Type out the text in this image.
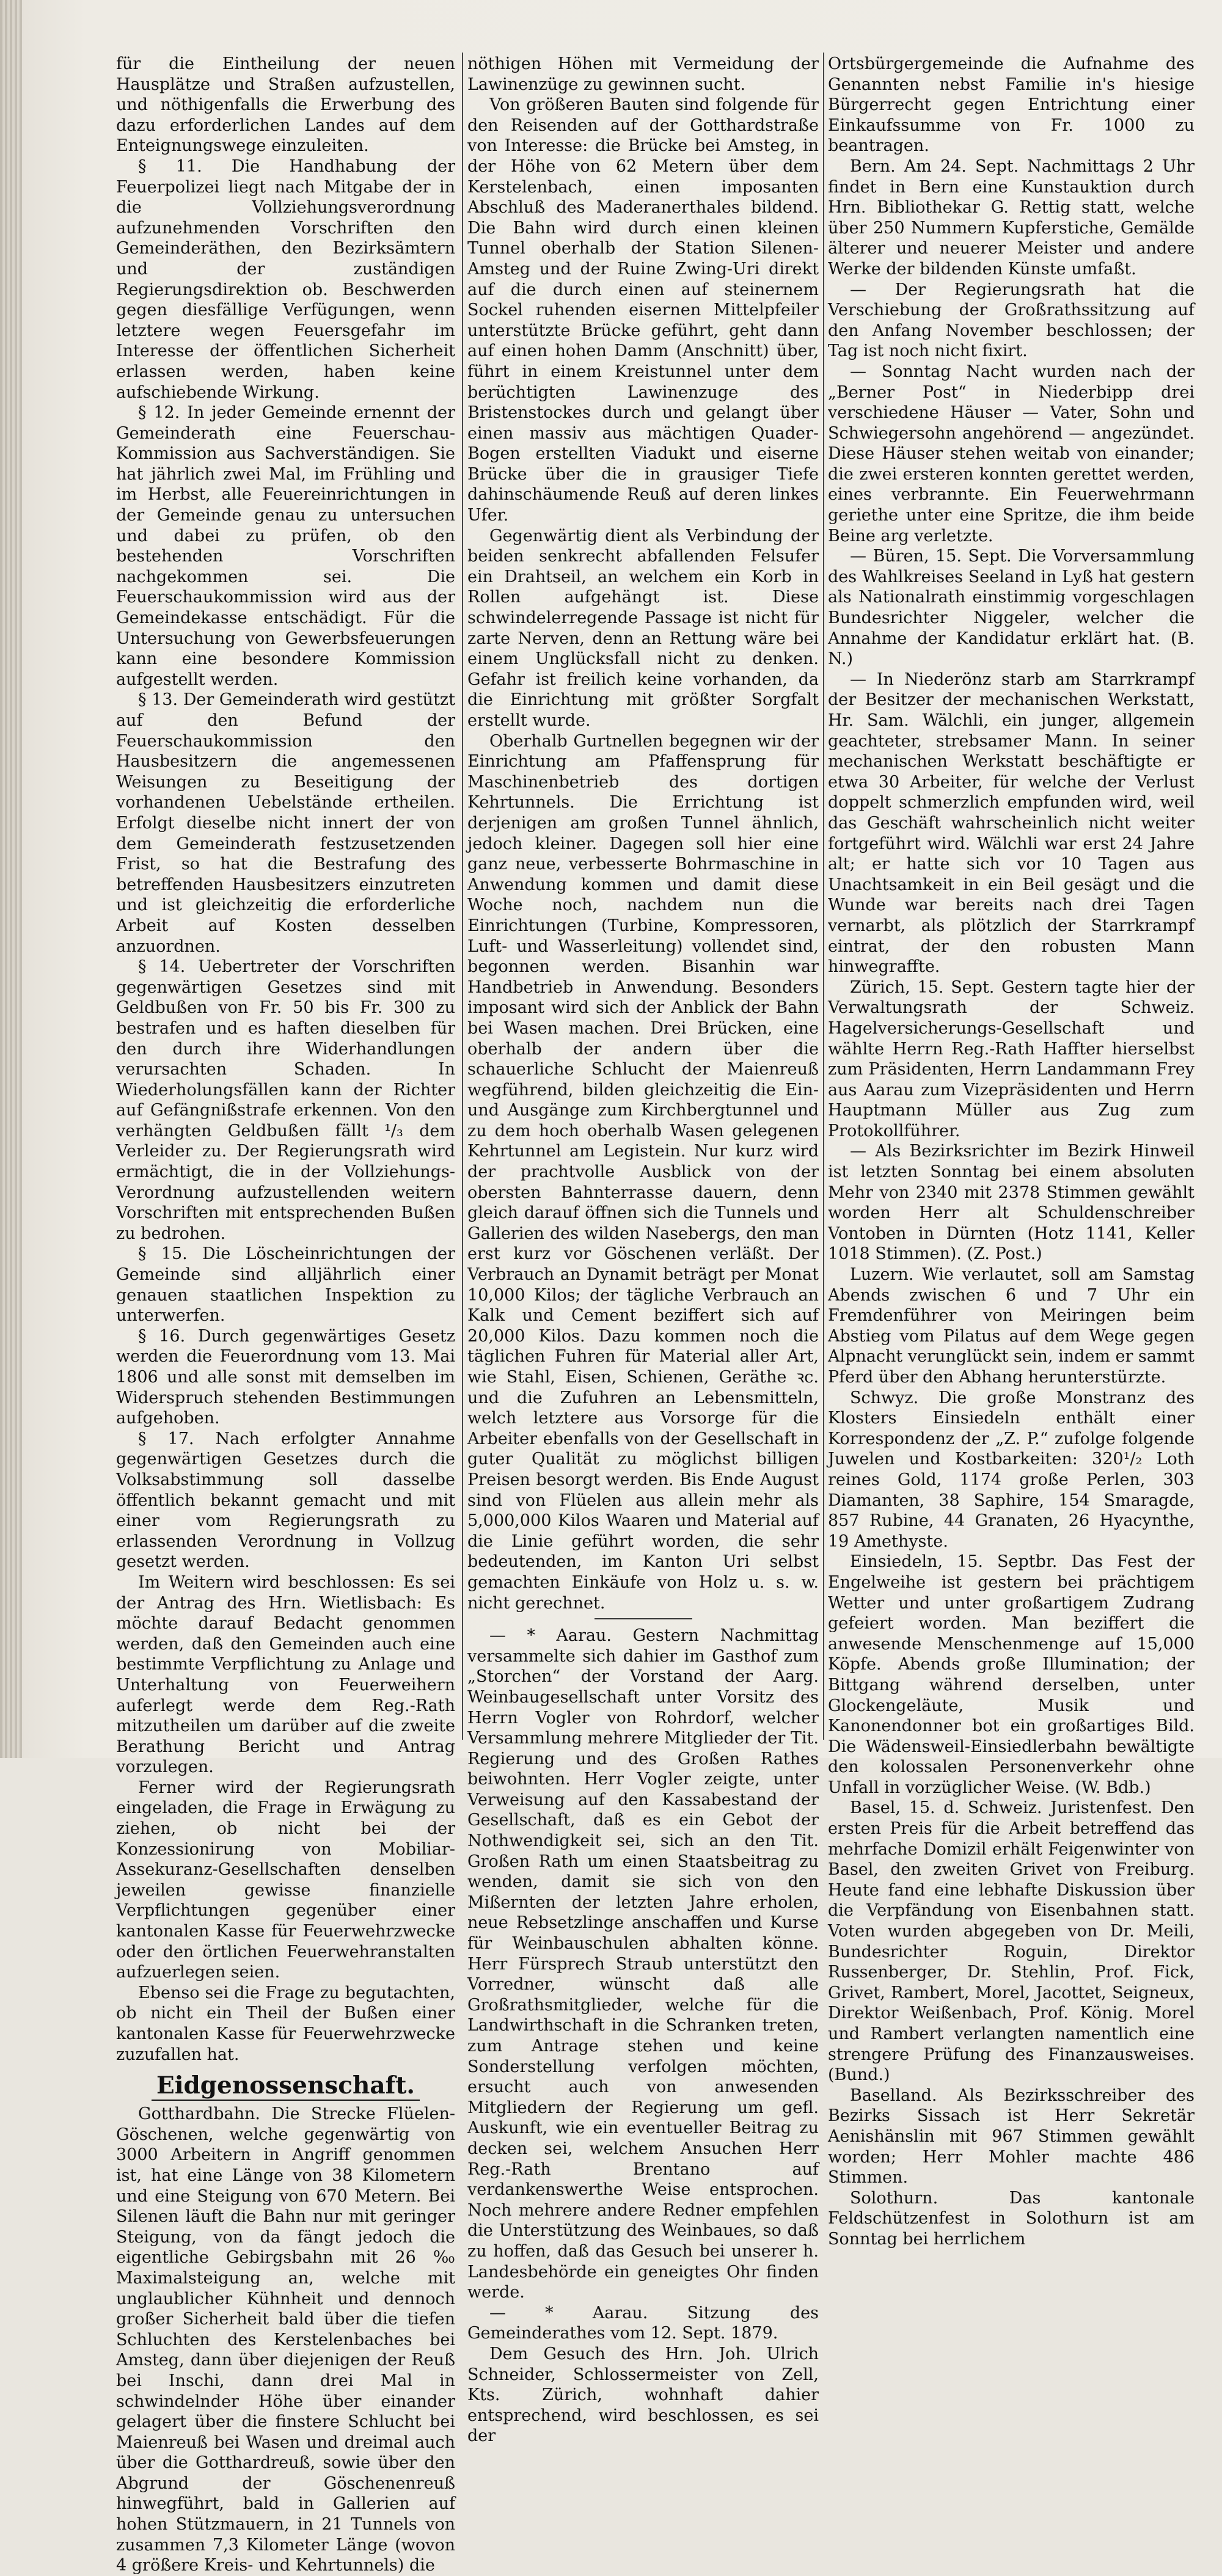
für die Eintheilung der neuen Hausplätze und Straßen aufzustellen, und nöthigenfalls die Erwerbung des dazu erforderlichen Landes auf dem Enteignungswege einzuleiten.

§ 11. Die Handhabung der Feuerpolizei liegt nach Mitgabe der in die Vollziehungsverordnung aufzunehmenden Vorschriften den Gemeinderäthen, den Bezirksämtern und der zuständigen Regierungsdirektion ob. Beschwerden gegen diesfällige Verfügungen, wenn letztere wegen Feuersgefahr im Interesse der öffentlichen Sicherheit erlassen werden, haben keine aufschiebende Wirkung.

§ 12. In jeder Gemeinde ernennt der Gemeinderath eine Feuerschau-Kommission aus Sachverständigen. Sie hat jährlich zwei Mal, im Frühling und im Herbst, alle Feuereinrichtungen in der Gemeinde genau zu untersuchen und dabei zu prüfen, ob den bestehenden Vorschriften nachgekommen sei. Die Feuerschaukommission wird aus der Gemeindekasse entschädigt. Für die Untersuchung von Gewerbsfeuerungen kann eine besondere Kommission aufgestellt werden.

§ 13. Der Gemeinderath wird gestützt auf den Befund der Feuerschaukommission den Hausbesitzern die angemessenen Weisungen zu Beseitigung der vorhandenen Uebelstände ertheilen. Erfolgt dieselbe nicht innert der von dem Gemeinderath festzusetzenden Frist, so hat die Bestrafung des betreffenden Hausbesitzers einzutreten und ist gleichzeitig die erforderliche Arbeit auf Kosten desselben anzuordnen.

§ 14. Uebertreter der Vorschriften gegenwärtigen Gesetzes sind mit Geldbußen von Fr. 50 bis Fr. 300 zu bestrafen und es haften dieselben für den durch ihre Widerhandlungen verursachten Schaden. In Wiederholungsfällen kann der Richter auf Gefängnißstrafe erkennen. Von den verhängten Geldbußen fällt ¹/₃ dem Verleider zu. Der Regierungsrath wird ermächtigt, die in der Vollziehungs-Verordnung aufzustellenden weitern Vorschriften mit entsprechenden Bußen zu bedrohen.

§ 15. Die Löscheinrichtungen der Gemeinde sind alljährlich einer genauen staatlichen Inspektion zu unterwerfen.

§ 16. Durch gegenwärtiges Gesetz werden die Feuerordnung vom 13. Mai 1806 und alle sonst mit demselben im Widerspruch stehenden Bestimmungen aufgehoben.

§ 17. Nach erfolgter Annahme gegenwärtigen Gesetzes durch die Volksabstimmung soll dasselbe öffentlich bekannt gemacht und mit einer vom Regierungsrath zu erlassenden Verordnung in Vollzug gesetzt werden.

Im Weitern wird beschlossen: Es sei der Antrag des Hrn. Wietlisbach: Es möchte darauf Bedacht genommen werden, daß den Gemeinden auch eine bestimmte Verpflichtung zu Anlage und Unterhaltung von Feuerweihern auferlegt werde dem Reg.-Rath mitzutheilen um darüber auf die zweite Berathung Bericht und Antrag vorzulegen.

Ferner wird der Regierungsrath eingeladen, die Frage in Erwägung zu ziehen, ob nicht bei der Konzessionirung von Mobiliar-Assekuranz-Gesellschaften denselben jeweilen gewisse finanzielle Verpflichtungen gegenüber einer kantonalen Kasse für Feuerwehrzwecke oder den örtlichen Feuerwehranstalten aufzuerlegen seien.

Ebenso sei die Frage zu begutachten, ob nicht ein Theil der Bußen einer kantonalen Kasse für Feuerwehrzwecke zuzufallen hat.

Eidgenossenschaft.

Gotthardbahn. Die Strecke Flüelen-Göschenen, welche gegenwärtig von 3000 Arbeitern in Angriff genommen ist, hat eine Länge von 38 Kilometern und eine Steigung von 670 Metern. Bei Silenen läuft die Bahn nur mit geringer Steigung, von da fängt jedoch die eigentliche Gebirgsbahn mit 26 ‰ Maximalsteigung an, welche mit unglaublicher Kühnheit und dennoch großer Sicherheit bald über die tiefen Schluchten des Kerstelenbaches bei Amsteg, dann über diejenigen der Reuß bei Inschi, dann drei Mal in schwindelnder Höhe über einander gelagert über die finstere Schlucht bei Maienreuß bei Wasen und dreimal auch über die Gotthardreuß, sowie über den Abgrund der Göschenenreuß hinwegführt, bald in Gallerien auf hohen Stützmauern, in 21 Tunnels von zusammen 7,3 Kilometer Länge (wovon 4 größere Kreis- und Kehrtunnels) die

nöthigen Höhen mit Vermeidung der Lawinenzüge zu gewinnen sucht.

Von größeren Bauten sind folgende für den Reisenden auf der Gotthardstraße von Interesse: die Brücke bei Amsteg, in der Höhe von 62 Metern über dem Kerstelenbach, einen imposanten Abschluß des Maderanerthales bildend. Die Bahn wird durch einen kleinen Tunnel oberhalb der Station Silenen-Amsteg und der Ruine Zwing-Uri direkt auf die durch einen auf steinernem Sockel ruhenden eisernen Mittelpfeiler unterstützte Brücke geführt, geht dann auf einen hohen Damm (Anschnitt) über, führt in einem Kreistunnel unter dem berüchtigten Lawinenzuge des Bristenstockes durch und gelangt über einen massiv aus mächtigen Quader-Bogen erstellten Viadukt und eiserne Brücke über die in grausiger Tiefe dahinschäumende Reuß auf deren linkes Ufer.

Gegenwärtig dient als Verbindung der beiden senkrecht abfallenden Felsufer ein Drahtseil, an welchem ein Korb in Rollen aufgehängt ist. Diese schwindelerregende Passage ist nicht für zarte Nerven, denn an Rettung wäre bei einem Unglücksfall nicht zu denken. Gefahr ist freilich keine vorhanden, da die Einrichtung mit größter Sorgfalt erstellt wurde.

Oberhalb Gurtnellen begegnen wir der Einrichtung am Pfaffensprung für Maschinenbetrieb des dortigen Kehrtunnels. Die Errichtung ist derjenigen am großen Tunnel ähnlich, jedoch kleiner. Dagegen soll hier eine ganz neue, verbesserte Bohrmaschine in Anwendung kommen und damit diese Woche noch, nachdem nun die Einrichtungen (Turbine, Kompressoren, Luft- und Wasserleitung) vollendet sind, begonnen werden. Bisanhin war Handbetrieb in Anwendung. Besonders imposant wird sich der Anblick der Bahn bei Wasen machen. Drei Brücken, eine oberhalb der andern über die schauerliche Schlucht der Maienreuß wegführend, bilden gleichzeitig die Ein- und Ausgänge zum Kirchbergtunnel und zu dem hoch oberhalb Wasen gelegenen Kehrtunnel am Legistein. Nur kurz wird der prachtvolle Ausblick von der obersten Bahnterrasse dauern, denn gleich darauf öffnen sich die Tunnels und Gallerien des wilden Nasebergs, den man erst kurz vor Göschenen verläßt. Der Verbrauch an Dynamit beträgt per Monat 10,000 Kilos; der tägliche Verbrauch an Kalk und Cement beziffert sich auf 20,000 Kilos. Dazu kommen noch die täglichen Fuhren für Material aller Art, wie Stahl, Eisen, Schienen, Geräthe ꝛc. und die Zufuhren an Lebensmitteln, welch letztere aus Vorsorge für die Arbeiter ebenfalls von der Gesellschaft in guter Qualität zu möglichst billigen Preisen besorgt werden. Bis Ende August sind von Flüelen aus allein mehr als 5,000,000 Kilos Waaren und Material auf die Linie geführt worden, die sehr bedeutenden, im Kanton Uri selbst gemachten Einkäufe von Holz u. s. w. nicht gerechnet.

— * Aarau. Gestern Nachmittag versammelte sich dahier im Gasthof zum „Storchen“ der Vorstand der Aarg. Weinbaugesellschaft unter Vorsitz des Herrn Vogler von Rohrdorf, welcher Versammlung mehrere Mitglieder der Tit. Regierung und des Großen Rathes beiwohnten. Herr Vogler zeigte, unter Verweisung auf den Kassabestand der Gesellschaft, daß es ein Gebot der Nothwendigkeit sei, sich an den Tit. Großen Rath um einen Staatsbeitrag zu wenden, damit sie sich von den Mißernten der letzten Jahre erholen, neue Rebsetzlinge anschaffen und Kurse für Weinbauschulen abhalten könne. Herr Fürsprech Straub unterstützt den Vorredner, wünscht daß alle Großrathsmitglieder, welche für die Landwirthschaft in die Schranken treten, zum Antrage stehen und keine Sonderstellung verfolgen möchten, ersucht auch von anwesenden Mitgliedern der Regierung um gefl. Auskunft, wie ein eventueller Beitrag zu decken sei, welchem Ansuchen Herr Reg.-Rath Brentano auf verdankenswerthe Weise entsprochen. Noch mehrere andere Redner empfehlen die Unterstützung des Weinbaues, so daß zu hoffen, daß das Gesuch bei unserer h. Landesbehörde ein geneigtes Ohr finden werde.

— * Aarau. Sitzung des Gemeinderathes vom 12. Sept. 1879.

Dem Gesuch des Hrn. Joh. Ulrich Schneider, Schlossermeister von Zell, Kts. Zürich, wohnhaft dahier entsprechend, wird beschlossen, es sei der

Ortsbürgergemeinde die Aufnahme des Genannten nebst Familie in's hiesige Bürgerrecht gegen Entrichtung einer Einkaufssumme von Fr. 1000 zu beantragen.

Bern. Am 24. Sept. Nachmittags 2 Uhr findet in Bern eine Kunstauktion durch Hrn. Bibliothekar G. Rettig statt, welche über 250 Nummern Kupferstiche, Gemälde älterer und neuerer Meister und andere Werke der bildenden Künste umfaßt.

— Der Regierungsrath hat die Verschiebung der Großrathssitzung auf den Anfang November beschlossen; der Tag ist noch nicht fixirt.

— Sonntag Nacht wurden nach der „Berner Post“ in Niederbipp drei verschiedene Häuser — Vater, Sohn und Schwiegersohn angehörend — angezündet. Diese Häuser stehen weitab von einander; die zwei ersteren konnten gerettet werden, eines verbrannte. Ein Feuerwehrmann geriethe unter eine Spritze, die ihm beide Beine arg verletzte.

— Büren, 15. Sept. Die Vorversammlung des Wahlkreises Seeland in Lyß hat gestern als Nationalrath einstimmig vorgeschlagen Bundesrichter Niggeler, welcher die Annahme der Kandidatur erklärt hat. (B. N.)

— In Niederönz starb am Starrkrampf der Besitzer der mechanischen Werkstatt, Hr. Sam. Wälchli, ein junger, allgemein geachteter, strebsamer Mann. In seiner mechanischen Werkstatt beschäftigte er etwa 30 Arbeiter, für welche der Verlust doppelt schmerzlich empfunden wird, weil das Geschäft wahrscheinlich nicht weiter fortgeführt wird. Wälchli war erst 24 Jahre alt; er hatte sich vor 10 Tagen aus Unachtsamkeit in ein Beil gesägt und die Wunde war bereits nach drei Tagen vernarbt, als plötzlich der Starrkrampf eintrat, der den robusten Mann hinwegraffte.

Zürich, 15. Sept. Gestern tagte hier der Verwaltungsrath der Schweiz. Hagelversicherungs-Gesellschaft und wählte Herrn Reg.-Rath Haffter hierselbst zum Präsidenten, Herrn Landammann Frey aus Aarau zum Vizepräsidenten und Herrn Hauptmann Müller aus Zug zum Protokollführer.

— Als Bezirksrichter im Bezirk Hinweil ist letzten Sonntag bei einem absoluten Mehr von 2340 mit 2378 Stimmen gewählt worden Herr alt Schuldenschreiber Vontoben in Dürnten (Hotz 1141, Keller 1018 Stimmen). (Z. Post.)

Luzern. Wie verlautet, soll am Samstag Abends zwischen 6 und 7 Uhr ein Fremdenführer von Meiringen beim Abstieg vom Pilatus auf dem Wege gegen Alpnacht verunglückt sein, indem er sammt Pferd über den Abhang herunterstürzte.

Schwyz. Die große Monstranz des Klosters Einsiedeln enthält einer Korrespondenz der „Z. P.“ zufolge folgende Juwelen und Kostbarkeiten: 320¹/₂ Loth reines Gold, 1174 große Perlen, 303 Diamanten, 38 Saphire, 154 Smaragde, 857 Rubine, 44 Granaten, 26 Hyacynthe, 19 Amethyste.

Einsiedeln, 15. Septbr. Das Fest der Engelweihe ist gestern bei prächtigem Wetter und unter großartigem Zudrang gefeiert worden. Man beziffert die anwesende Menschenmenge auf 15,000 Köpfe. Abends große Illumination; der Bittgang während derselben, unter Glockengeläute, Musik und Kanonendonner bot ein großartiges Bild. Die Wädensweil-Einsiedlerbahn bewältigte den kolossalen Personenverkehr ohne Unfall in vorzüglicher Weise. (W. Bdb.)

Basel, 15. d. Schweiz. Juristenfest. Den ersten Preis für die Arbeit betreffend das mehrfache Domizil erhält Feigenwinter von Basel, den zweiten Grivet von Freiburg. Heute fand eine lebhafte Diskussion über die Verpfändung von Eisenbahnen statt. Voten wurden abgegeben von Dr. Meili, Bundesrichter Roguin, Direktor Russenberger, Dr. Stehlin, Prof. Fick, Grivet, Rambert, Morel, Jacottet, Seigneux, Direktor Weißenbach, Prof. König. Morel und Rambert verlangten namentlich eine strengere Prüfung des Finanzausweises. (Bund.)

Baselland. Als Bezirksschreiber des Bezirks Sissach ist Herr Sekretär Aenishänslin mit 967 Stimmen gewählt worden; Herr Mohler machte 486 Stimmen.

Solothurn. Das kantonale Feldschützenfest in Solothurn ist am Sonntag bei herrlichem
